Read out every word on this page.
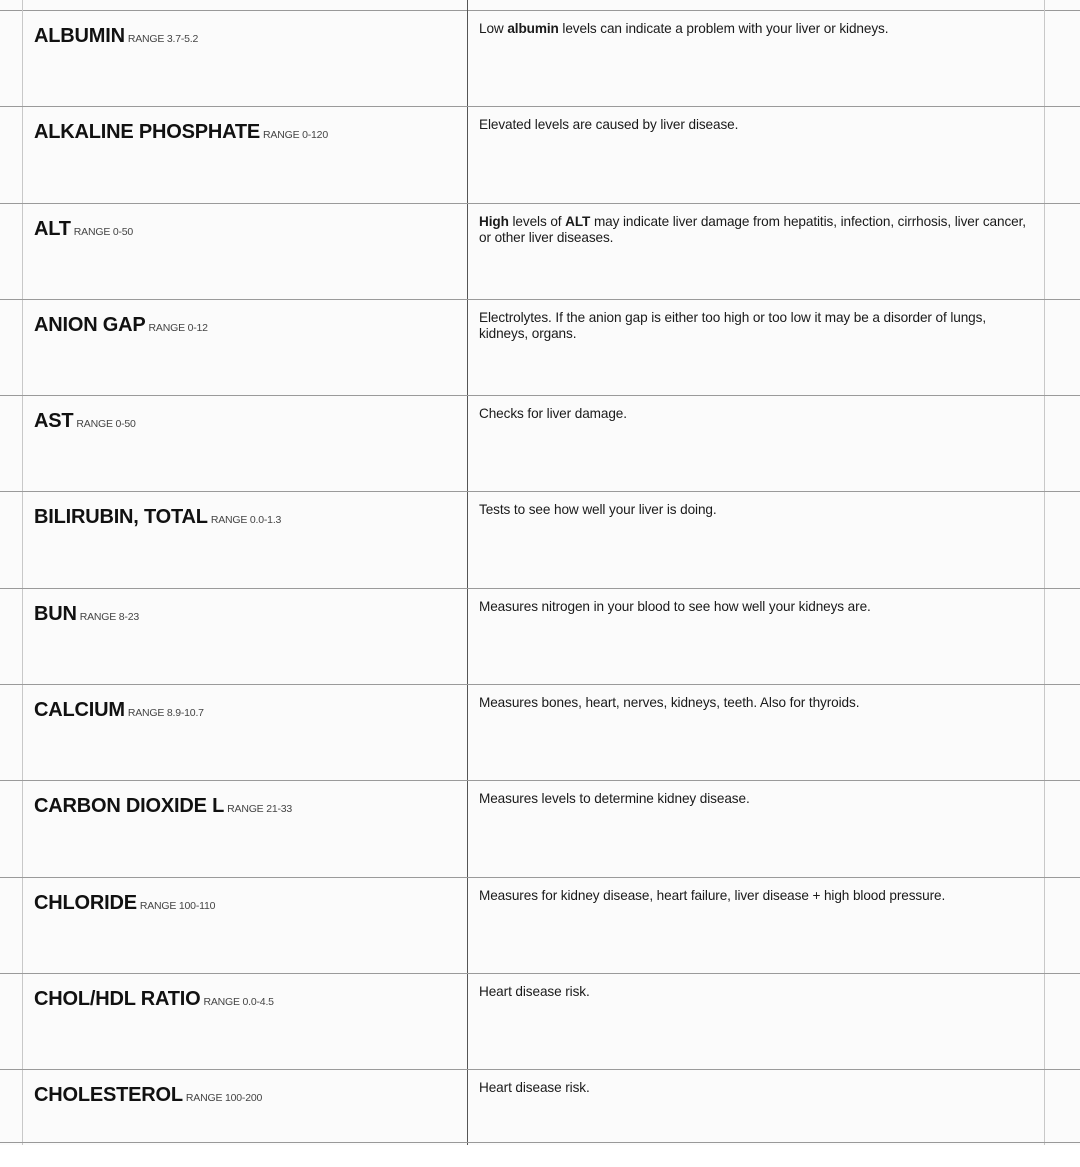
ALBUMIN RANGE 3.7-5.2
Low albumin levels can indicate a problem with your liver or kidneys.
ALKALINE PHOSPHATE RANGE 0-120
Elevated levels are caused by liver disease.
ALT RANGE 0-50
High levels of ALT may indicate liver damage from hepatitis, infection, cirrhosis, liver cancer, or other liver diseases.
ANION GAP RANGE 0-12
Electrolytes. If the anion gap is either too high or too low it may be a disorder of lungs, kidneys, organs.
AST RANGE 0-50
Checks for liver damage.
BILIRUBIN, TOTAL RANGE 0.0-1.3
Tests to see how well your liver is doing.
BUN RANGE 8-23
Measures nitrogen in your blood to see how well your kidneys are.
CALCIUM RANGE 8.9-10.7
Measures bones, heart, nerves, kidneys, teeth. Also for thyroids.
CARBON DIOXIDE L RANGE 21-33
Measures levels to determine kidney disease.
CHLORIDE RANGE 100-110
Measures for kidney disease, heart failure, liver disease + high blood pressure.
CHOL/HDL RATIO RANGE 0.0-4.5
Heart disease risk.
CHOLESTEROL RANGE 100-200
Heart disease risk.
